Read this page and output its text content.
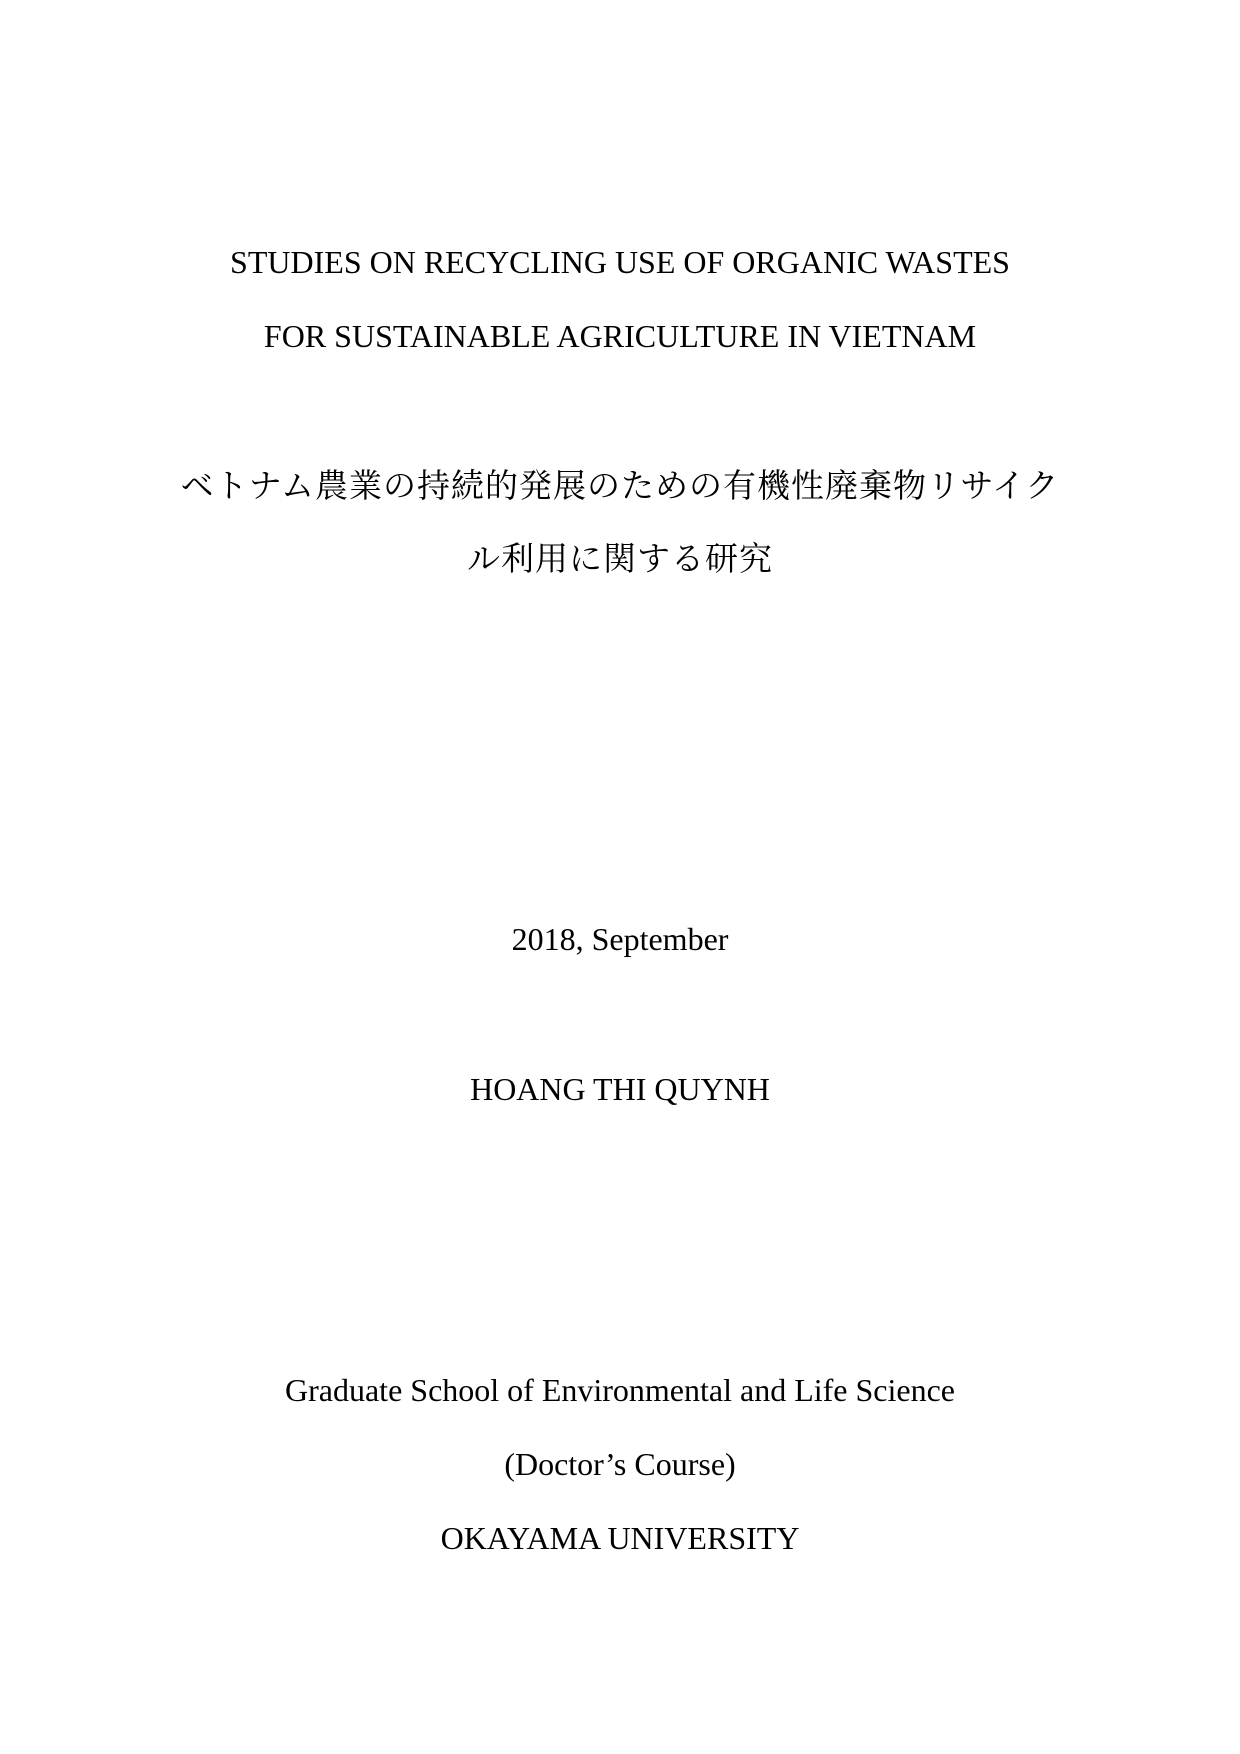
STUDIES ON RECYCLING USE OF ORGANIC WASTES
FOR SUSTAINABLE AGRICULTURE IN VIETNAM
ベトナム農業の持続的発展のための有機性廃棄物リサイク
ル利用に関する研究
2018, September
HOANG THI QUYNH
Graduate School of Environmental and Life Science
(Doctor’s Course)
OKAYAMA UNIVERSITY
